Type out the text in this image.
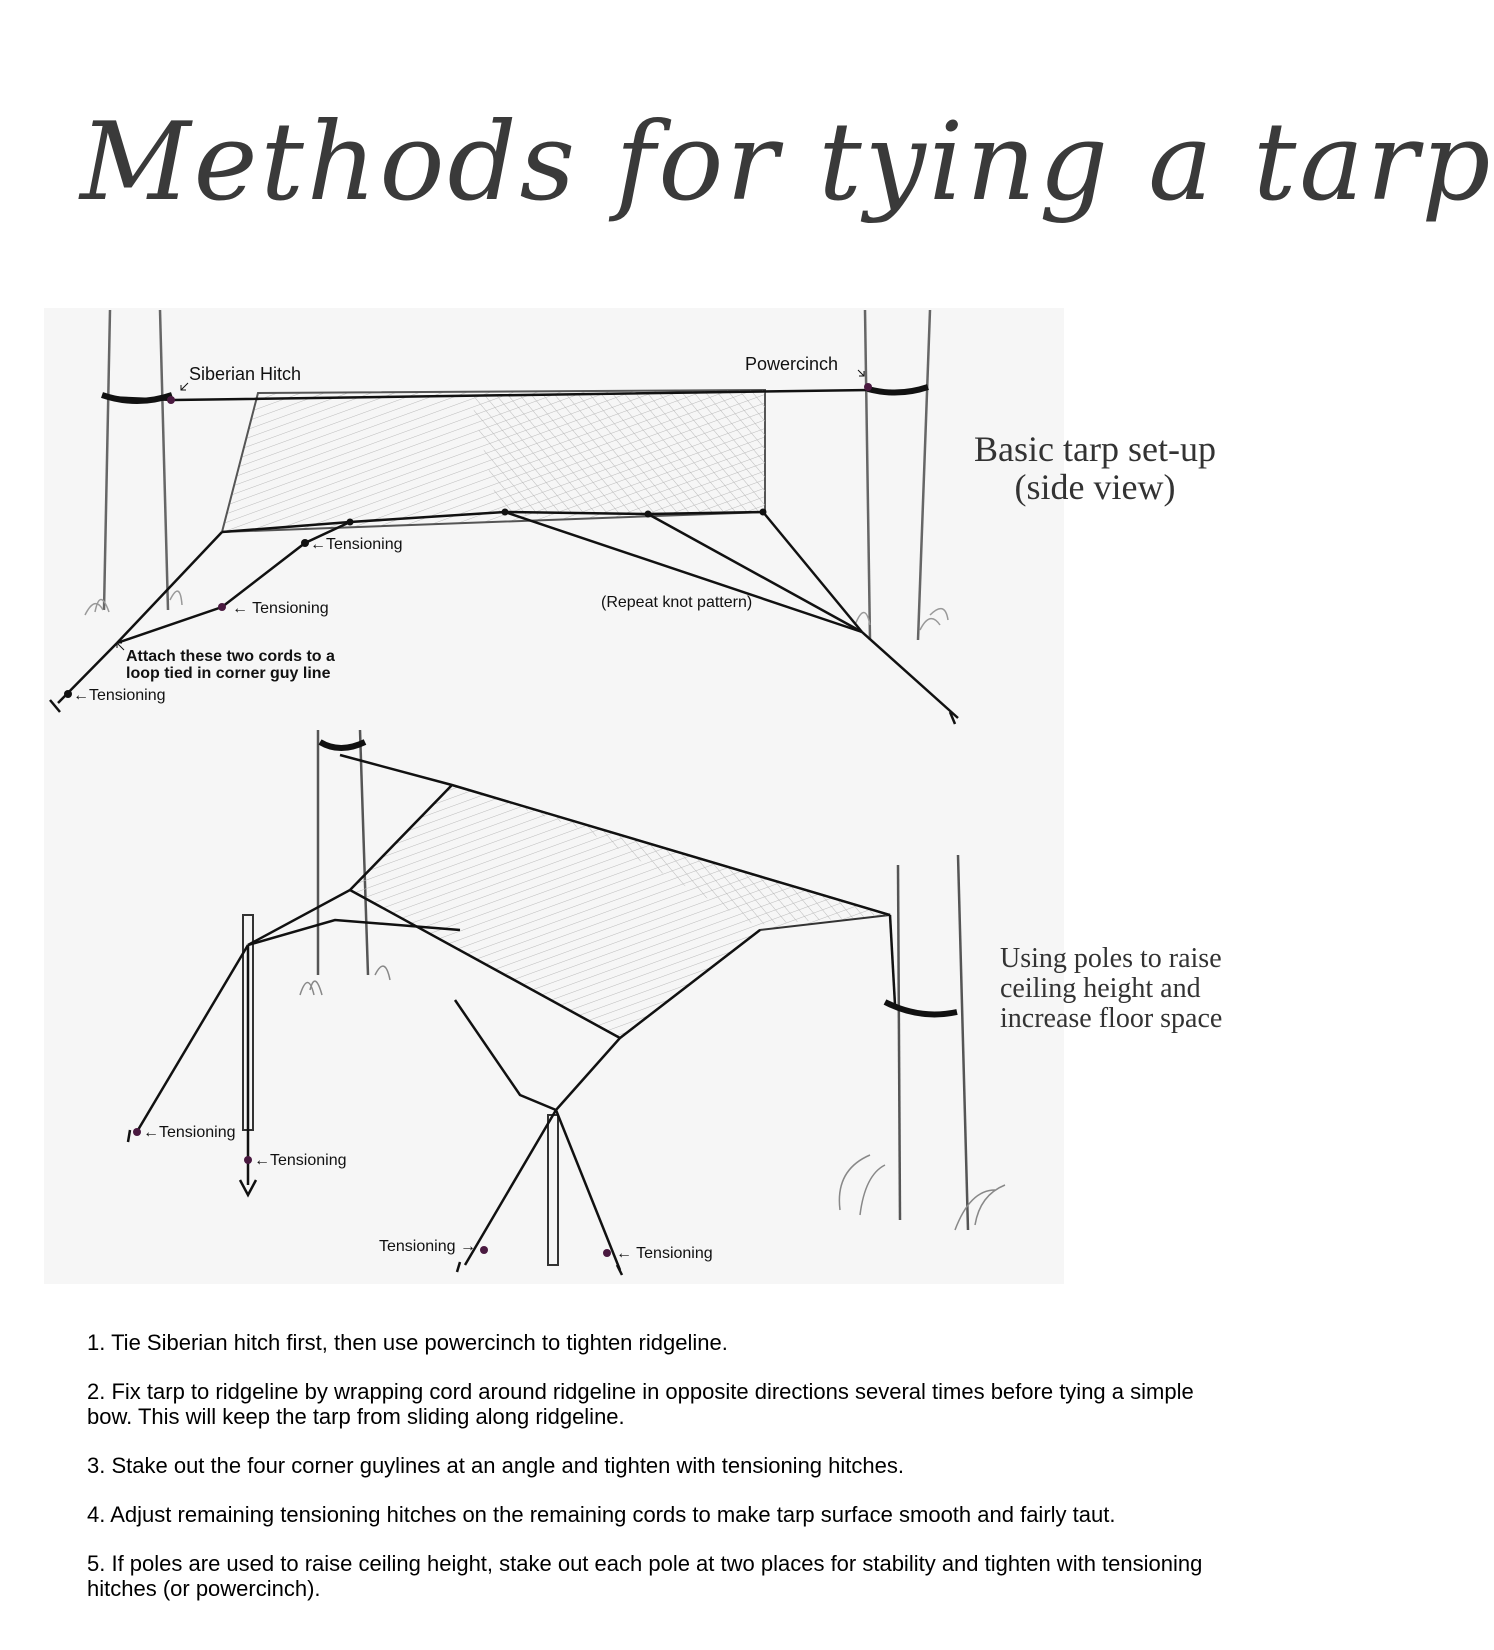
Methods for tying a tarp
Siberian Hitch	Powercinch
←Tensioning
← Tensioning
←Tensioning
(Repeat knot pattern)
Attach these two cords to a
loop tied in corner guy line
Basic tarp set-up
(side view)
←Tensioning
←Tensioning
Tensioning →	← Tensioning
Using poles to raise ceiling height and increase floor space

1. Tie Siberian hitch first, then use powercinch to tighten ridgeline.

2. Fix tarp to ridgeline by wrapping cord around ridgeline in opposite directions several times before tying a simple bow. This will keep the tarp from sliding along ridgeline.

3. Stake out the four corner guylines at an angle and tighten with tensioning hitches.

4. Adjust remaining tensioning hitches on the remaining cords to make tarp surface smooth and fairly taut.

5. If poles are used to raise ceiling height, stake out each pole at two places for stability and tighten with tensioning hitches (or powercinch).
